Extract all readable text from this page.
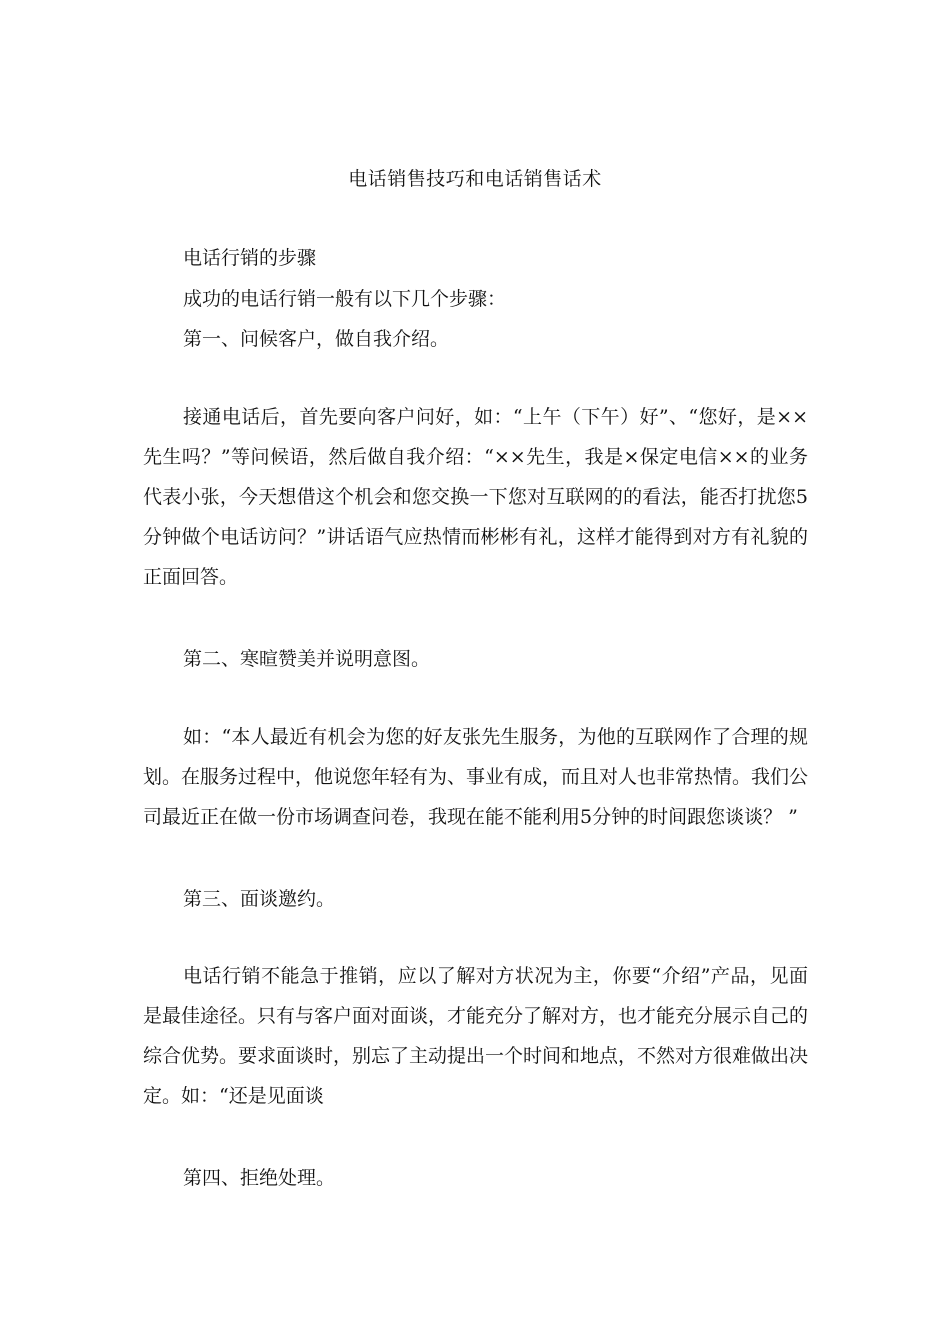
电话销售技巧和电话销售话术
电话行销的步骤
成功的电话行销一般有以下几个步骤：
第一、问候客户，做自我介绍。
接通电话后，首先要向客户问好，如：“上午（下午）好”、“您好，是××先生吗？”等问候语，然后做自我介绍：“××先生，我是×保定电信××的业务代表小张，今天想借这个机会和您交换一下您对互联网的的看法，能否打扰您5分钟做个电话访问？”讲话语气应热情而彬彬有礼，这样才能得到对方有礼貌的正面回答。
第二、寒暄赞美并说明意图。
如：“本人最近有机会为您的好友张先生服务，为他的互联网作了合理的规划。在服务过程中，他说您年轻有为、事业有成，而且对人也非常热情。我们公司最近正在做一份市场调查问卷，我现在能不能利用5分钟的时间跟您谈谈？ ”
第三、面谈邀约。
电话行销不能急于推销，应以了解对方状况为主，你要“介绍”产品，见面是最佳途径。只有与客户面对面谈，才能充分了解对方，也才能充分展示自己的综合优势。要求面谈时，别忘了主动提出一个时间和地点，不然对方很难做出决定。如：“还是见面谈
第四、拒绝处理。
